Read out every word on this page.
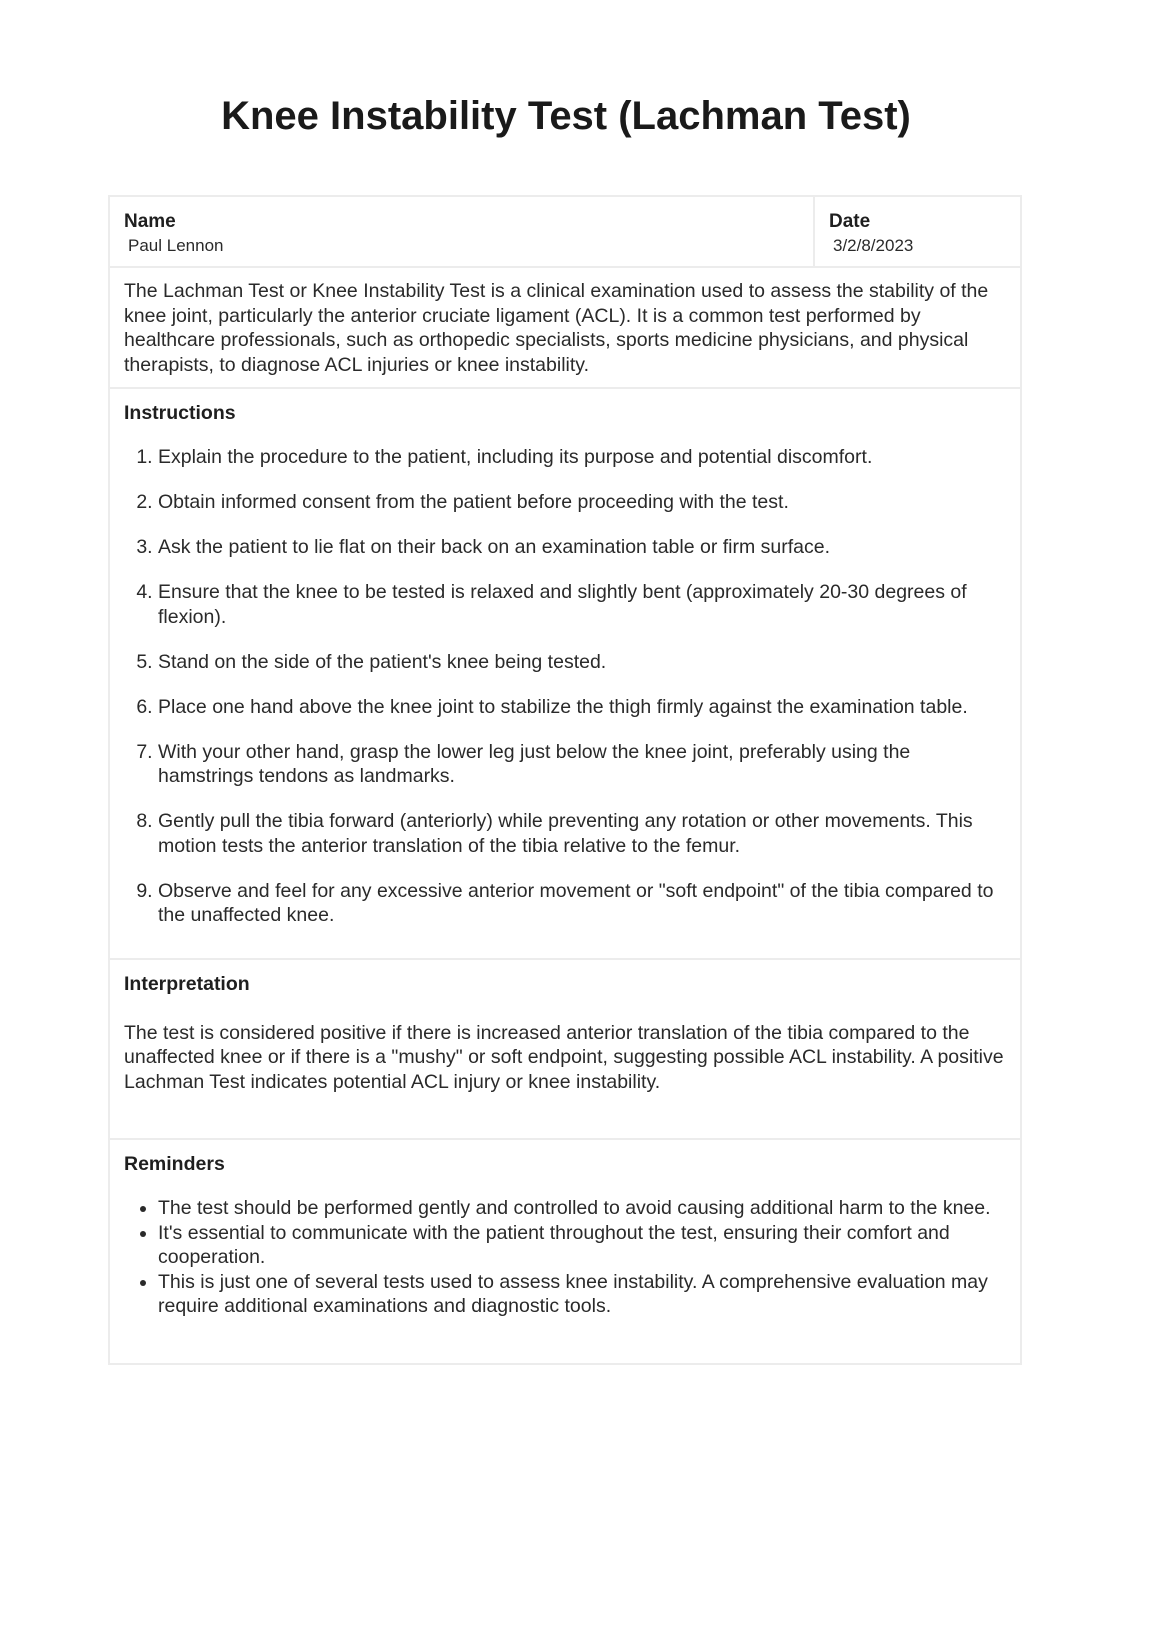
Knee Instability Test (Lachman Test)
Name
Paul Lennon
Date
3/2/8/2023
The Lachman Test or Knee Instability Test is a clinical examination used to assess the stability of the knee joint, particularly the anterior cruciate ligament (ACL). It is a common test performed by healthcare professionals, such as orthopedic specialists, sports medicine physicians, and physical therapists, to diagnose ACL injuries or knee instability.
Instructions
1. Explain the procedure to the patient, including its purpose and potential discomfort.
2. Obtain informed consent from the patient before proceeding with the test.
3. Ask the patient to lie flat on their back on an examination table or firm surface.
4. Ensure that the knee to be tested is relaxed and slightly bent (approximately 20-30 degrees of flexion).
5. Stand on the side of the patient's knee being tested.
6. Place one hand above the knee joint to stabilize the thigh firmly against the examination table.
7. With your other hand, grasp the lower leg just below the knee joint, preferably using the hamstrings tendons as landmarks.
8. Gently pull the tibia forward (anteriorly) while preventing any rotation or other movements. This motion tests the anterior translation of the tibia relative to the femur.
9. Observe and feel for any excessive anterior movement or "soft endpoint" of the tibia compared to the unaffected knee.
Interpretation
The test is considered positive if there is increased anterior translation of the tibia compared to the unaffected knee or if there is a "mushy" or soft endpoint, suggesting possible ACL instability. A positive Lachman Test indicates potential ACL injury or knee instability.
Reminders
• The test should be performed gently and controlled to avoid causing additional harm to the knee.
• It's essential to communicate with the patient throughout the test, ensuring their comfort and cooperation.
• This is just one of several tests used to assess knee instability. A comprehensive evaluation may require additional examinations and diagnostic tools.
